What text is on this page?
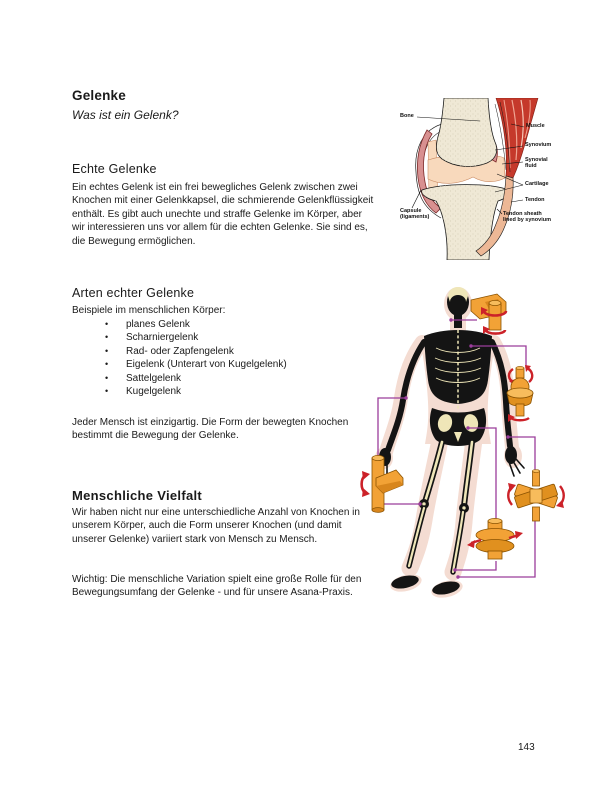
Gelenke
Was ist ein Gelenk?
Echte Gelenke
Ein echtes Gelenk ist ein frei bewegliches Gelenk zwischen zwei Knochen mit einer Gelenkkapsel, die schmierende Gelenkflüssigkeit enthält. Es gibt auch unechte und straffe Gelenke im Körper, aber wir interessieren uns vor allem für die echten Gelenke. Sie sind es, die Bewegung ermöglichen.
Arten echter Gelenke
Beispiele im menschlichen Körper:
•
planes Gelenk
•
Scharniergelenk
•
Rad- oder Zapfengelenk
•
Eigelenk (Unterart von Kugelgelenk)
•
Sattelgelenk
•
Kugelgelenk
Jeder Mensch ist einzigartig. Die Form der bewegten Knochen bestimmt die Bewegung der Gelenke.
Menschliche Vielfalt
Wir haben nicht nur eine unterschiedliche Anzahl von Knochen in unserem Körper, auch die Form unserer Knochen (und damit unserer Gelenke) variiert stark von Mensch zu Mensch.
Wichtig: Die menschliche Variation spielt eine große Rolle für den Bewegungsumfang der Gelenke - und für unsere Asana-Praxis.
143
Bone
Muscle
Synovium
Synovial fluid
Cartilage
Tendon
Tendon sheath lined by synovium
Capsule (ligaments)
